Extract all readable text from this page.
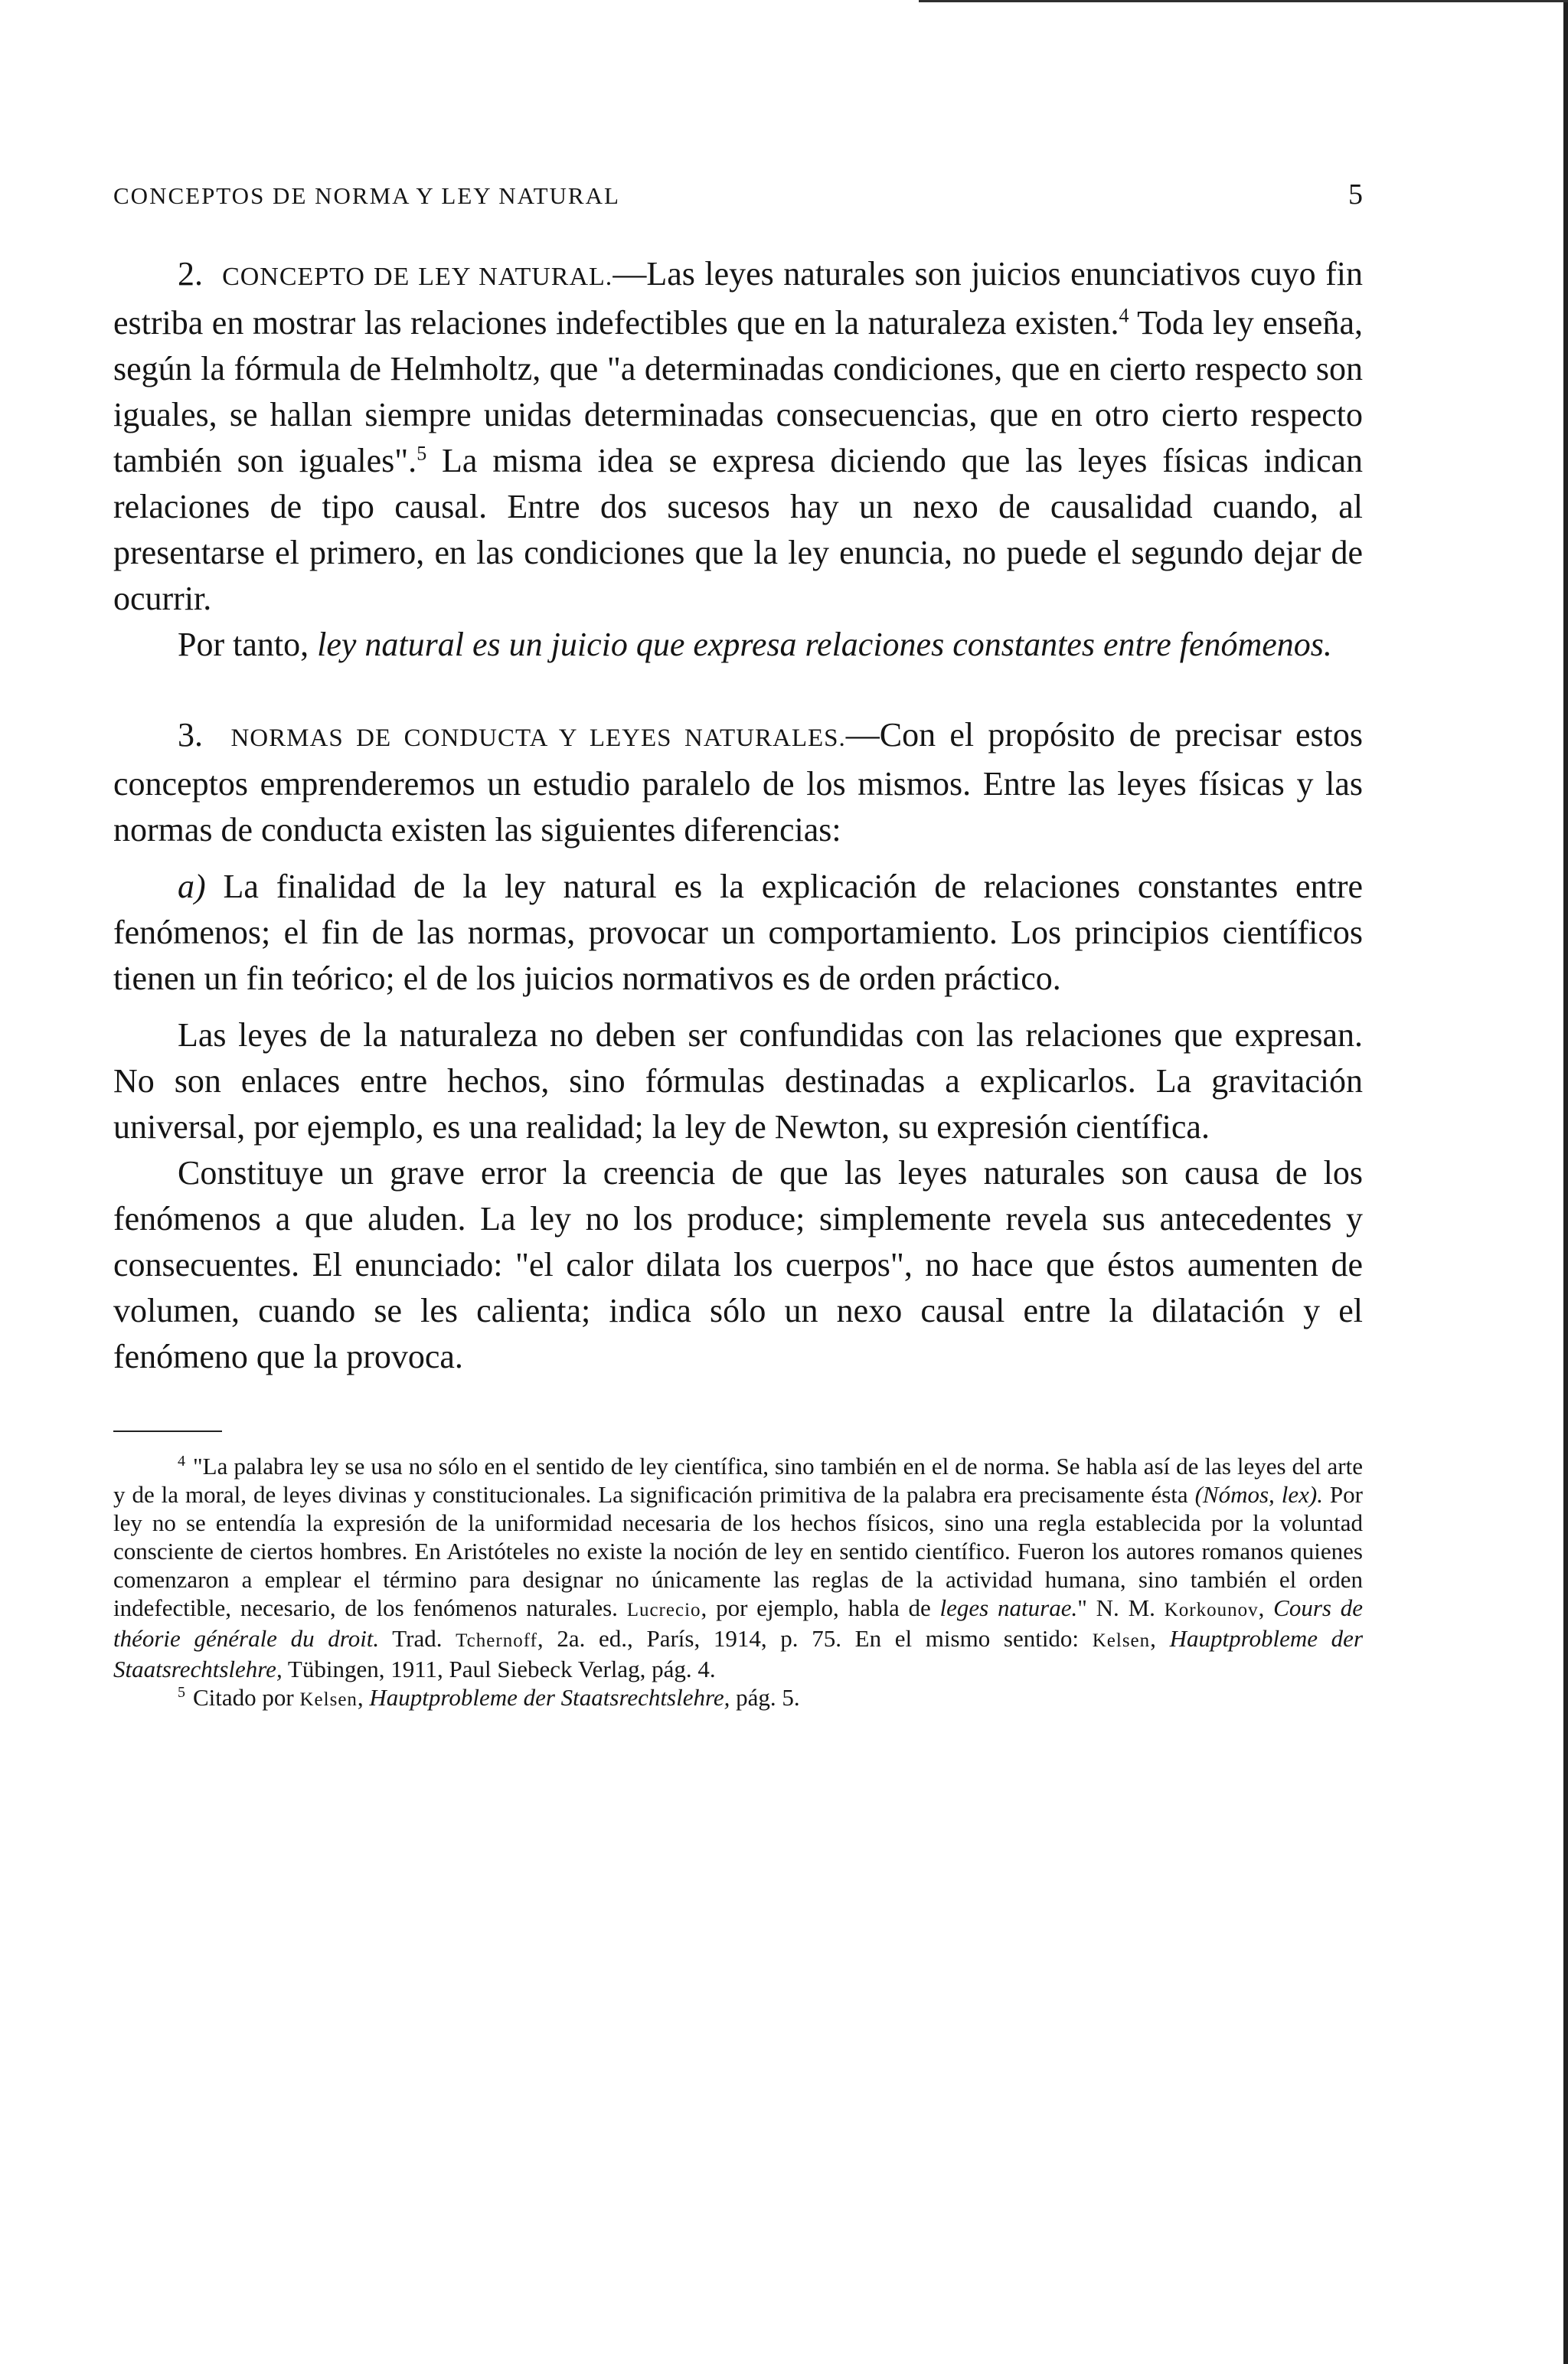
CONCEPTOS DE NORMA Y LEY NATURAL	5

2. CONCEPTO DE LEY NATURAL.—Las leyes naturales son juicios enunciativos cuyo fin estriba en mostrar las relaciones indefectibles que en la naturaleza existen.$^4$ Toda ley enseña, según la fórmula de Helmholtz, que "a determinadas condiciones, que en cierto respecto son iguales, se hallan siempre unidas determinadas consecuencias, que en otro cierto respecto también son iguales".$^5$ La misma idea se expresa diciendo que las leyes físicas indican relaciones de tipo causal. Entre dos sucesos hay un nexo de causalidad cuando, al presentarse el primero, en las condiciones que la ley enuncia, no puede el segundo dejar de ocurrir.

Por tanto, ley natural es un juicio que expresa relaciones constantes entre fenómenos.

3. NORMAS DE CONDUCTA Y LEYES NATURALES.—Con el propósito de precisar estos conceptos emprenderemos un estudio paralelo de los mismos. Entre las leyes físicas y las normas de conducta existen las siguientes diferencias:

a) La finalidad de la ley natural es la explicación de relaciones constantes entre fenómenos; el fin de las normas, provocar un comportamiento. Los principios científicos tienen un fin teórico; el de los juicios normativos es de orden práctico.

Las leyes de la naturaleza no deben ser confundidas con las relaciones que expresan. No son enlaces entre hechos, sino fórmulas destinadas a explicarlos. La gravitación universal, por ejemplo, es una realidad; la ley de Newton, su expresión científica.

Constituye un grave error la creencia de que las leyes naturales son causa de los fenómenos a que aluden. La ley no los produce; simplemente revela sus antecedentes y consecuentes. El enunciado: "el calor dilata los cuerpos", no hace que éstos aumenten de volumen, cuando se les calienta; indica sólo un nexo causal entre la dilatación y el fenómeno que la provoca.

$^4$ "La palabra ley se usa no sólo en el sentido de ley científica, sino también en el de norma. Se habla así de las leyes del arte y de la moral, de leyes divinas y constitucionales. La significación primitiva de la palabra era precisamente ésta (Nómos, lex). Por ley no se entendía la expresión de la uniformidad necesaria de los hechos físicos, sino una regla establecida por la voluntad consciente de ciertos hombres. En Aristóteles no existe la noción de ley en sentido científico. Fueron los autores romanos quienes comenzaron a emplear el término para designar no únicamente las reglas de la actividad humana, sino también el orden indefectible, necesario, de los fenómenos naturales. Lucrecio, por ejemplo, habla de leges naturae." N. M. Korkounov, Cours de théorie générale du droit. Trad. Tchernoff, 2a. ed., París, 1914, p. 75. En el mismo sentido: Kelsen, Hauptprobleme der Staatsrechtslehre, Tübingen, 1911, Paul Siebeck Verlag, pág. 4.

$^5$ Citado por Kelsen, Hauptprobleme der Staatsrechtslehre, pág. 5.
